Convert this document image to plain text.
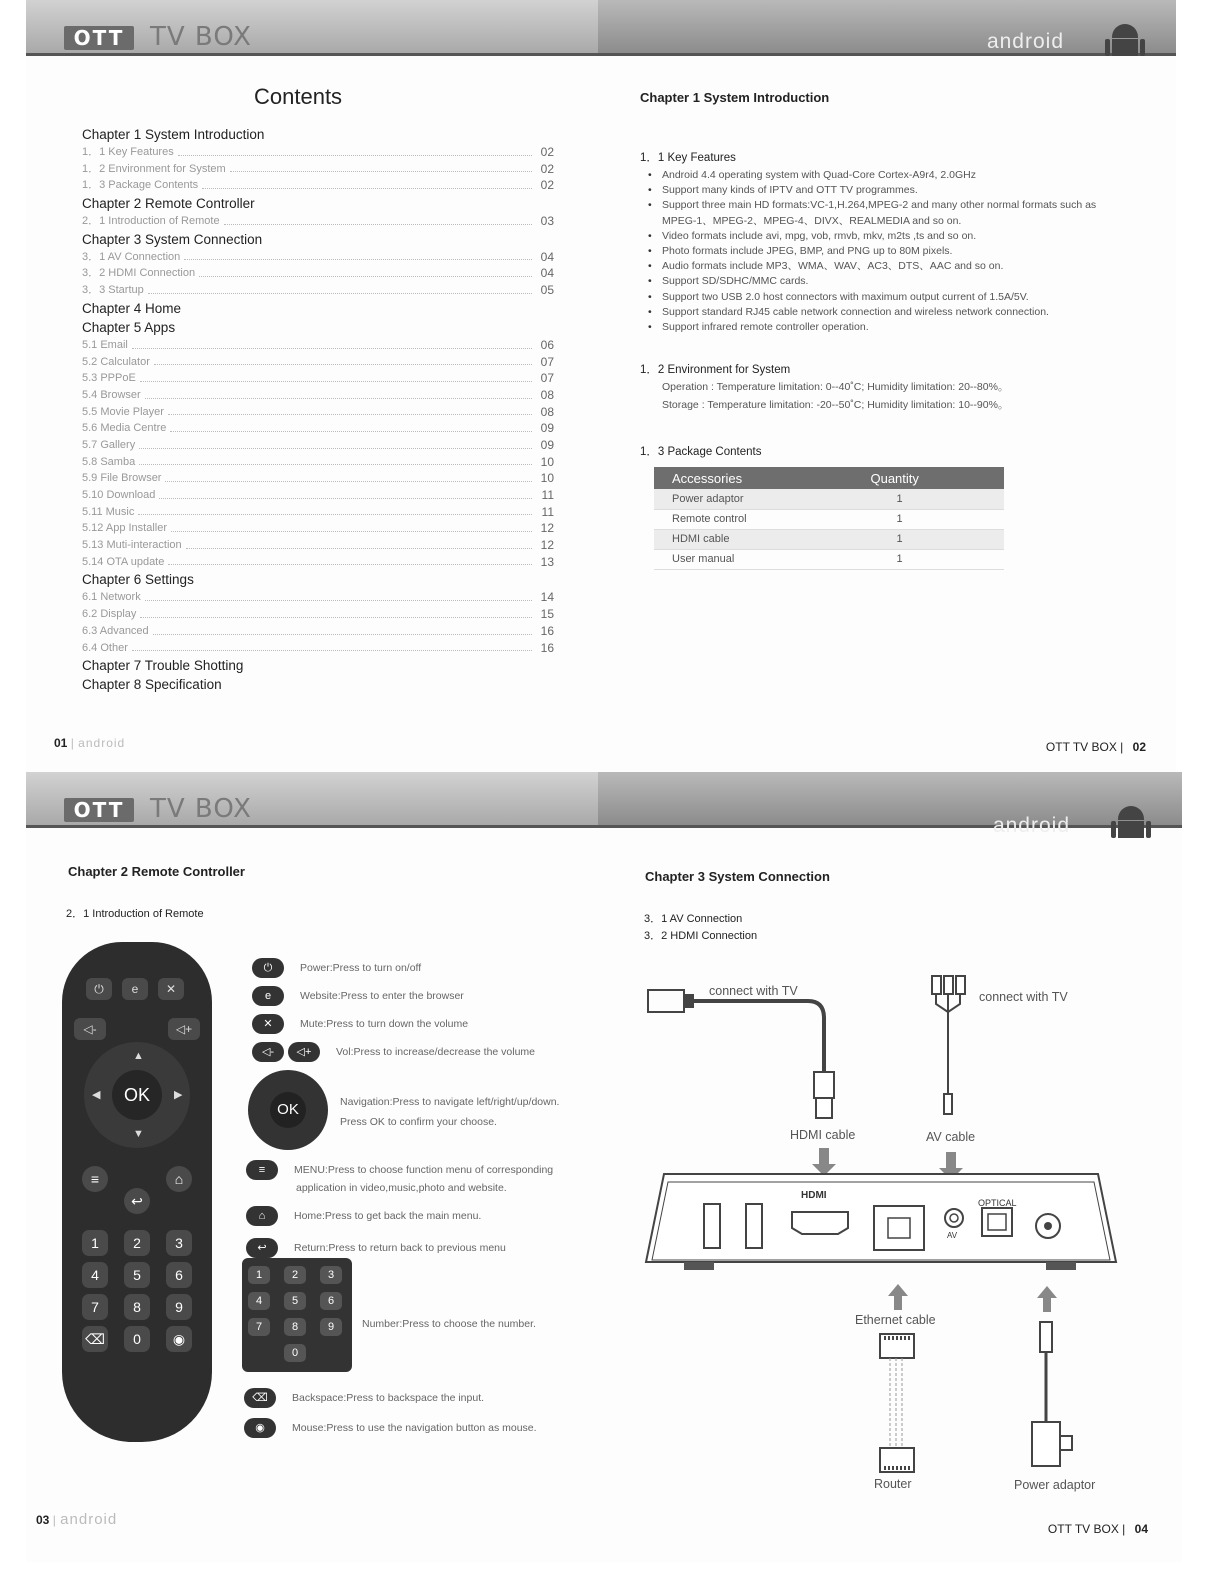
OTT TV BOX
Contents
Chapter 1 System Introduction
1．1 Key Features	02
1．2 Environment for System	02
1．3 Package Contents	02
Chapter 2 Remote Controller
2．1 Introduction of Remote	03
Chapter 3 System Connection
3．1 AV Connection	04
3．2 HDMI Connection	04
3．3 Startup	05
Chapter 4 Home
Chapter 5 Apps
5.1 Email	06
5.2 Calculator	07
5.3 PPPoE	07
5.4 Browser	08
5.5 Movie Player	08
5.6 Media Centre	09
5.7 Gallery	09
5.8 Samba	10
5.9 File Browser	10
5.10 Download	11
5.11 Music	11
5.12 App Installer	12
5.13 Muti-interaction	12
5.14 OTA update	13
Chapter 6 Settings
6.1 Network	14
6.2 Display	15
6.3 Advanced	16
6.4 Other	16
Chapter 7 Trouble Shotting
Chapter 8 Specification
01 | android
android
Chapter 1 System Introduction
1．1 Key Features
• Android 4.4 operating system with Quad-Core Cortex-A9r4, 2.0GHz
• Support many kinds of IPTV and OTT TV programmes.
• Support three main HD formats:VC-1,H.264,MPEG-2 and many other normal formats such as MPEG-1、MPEG-2、MPEG-4、DIVX、REALMEDIA and so on.
• Video formats include avi, mpg, vob, rmvb, mkv, m2ts ,ts and so on.
• Photo formats include JPEG, BMP, and PNG up to 80M pixels.
• Audio formats include MP3、WMA、WAV、AC3、DTS、AAC and so on.
• Support SD/SDHC/MMC cards.
• Support two USB 2.0 host connectors with maximum output current of 1.5A/5V.
• Support standard RJ45 cable network connection and wireless network connection.
• Support infrared remote controller operation.
1．2 Environment for System
Operation : Temperature limitation: 0--40˚C; Humidity limitation: 20--80%。
Storage : Temperature limitation: -20--50˚C; Humidity limitation: 10--90%。
1．3 Package Contents
Accessories	Quantity
Power adaptor	1
Remote control	1
HDMI cable	1
User manual	1
OTT TV BOX | 02
OTT TV BOX
Chapter 2 Remote Controller
2．1 Introduction of Remote
⏻	e	✕
◁-	◁+
OK
▲
▼
◀	▶
≡	⌂
↩
1	2	3
4	5	6
7	8	9
⌫	0	◉
⏻	Power:Press to turn on/off
e	Website:Press to enter the browser
✕	Mute:Press to turn down the volume
◁-	◁+	Vol:Press to increase/decrease the volume
OK	Navigation:Press to navigate left/right/up/down.
Press OK to confirm your choose.
≡	MENU:Press to choose function menu of corresponding
application in video,music,photo and website.
⌂	Home:Press to get back the main menu.
↩	Return:Press to return back to previous menu
1	2	3
4	5	6
7	8	9
0
Number:Press to choose the number.
⌫	Backspace:Press to backspace the input.
◉	Mouse:Press to use the navigation button as mouse.
03 | android
android
Chapter 3 System Connection
3．1 AV Connection
3．2 HDMI Connection
connect with TV	connect with TV
HDMI cable	AV cable
HDMI
OPTICAL
AV
Ethernet cable
Router	Power adaptor
OTT TV BOX | 04
